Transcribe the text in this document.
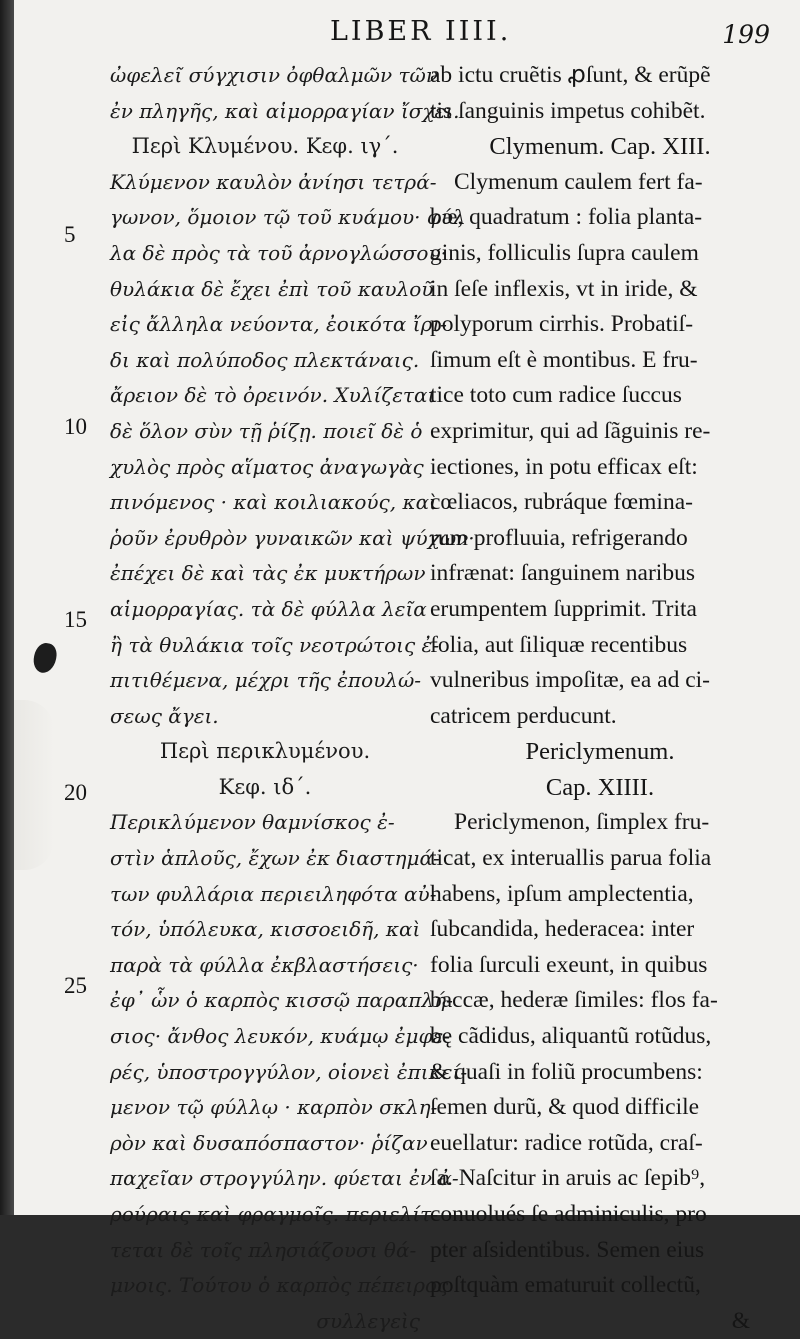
LIBER IIII.	199
5
10
15
20
25
ὠφελεῖ σύγχισιν ὀφθαλμῶν τῶν
ἐν πληγῆς, καὶ αἱμορραγίαν ἴσχει.
Περὶ Κλυμένου. Κεφ. ιγ΄.
Κλύμενον καυλὸν ἀνίησι τετρά-
γωνον, ὅμοιον τῷ τοῦ κυάμου· φύλ
λα δὲ πρὸς τὰ τοῦ ἀρνογλώσσου·
θυλάκια δὲ ἔχει ἐπὶ τοῦ καυλοῦ
εἰς ἄλληλα νεύοντα, ἐοικότα ἴρι-
δι καὶ πολύποδος πλεκτάναις.
ἄρειον δὲ τὸ ὀρεινόν. Χυλίζεται
δὲ ὅλον σὺν τῇ ῥίζῃ. ποιεῖ δὲ ὁ
χυλὸς πρὸς αἵματος ἀναγωγὰς
πινόμενος · καὶ κοιλιακούς, καὶ
ῥοῦν ἐρυθρὸν γυναικῶν καὶ ψύχων·
ἐπέχει δὲ καὶ τὰς ἐκ μυκτήρων
αἱμορραγίας. τὰ δὲ φύλλα λεῖα
ἢ τὰ θυλάκια τοῖς νεοτρώτοις ἐ-
πιτιθέμενα, μέχρι τῆς ἐπουλώ-
σεως ἄγει.
Περὶ περικλυμένου.
Κεφ. ιδ΄.
Περικλύμενον θαμνίσκος ἐ-
στὶν ἁπλοῦς, ἔχων ἐκ διαστημά-
των φυλλάρια περιειληφότα αὐ-
τόν, ὑπόλευκα, κισσοειδῆ, καὶ
παρὰ τὰ φύλλα ἐκβλαστήσεις·
ἐφ᾽ ὧν ὁ καρπὸς κισσῷ παραπλή-
σιος· ἄνθος λευκόν, κυάμῳ ἐμφε-
ρές, ὑποστρογγύλον, οἱονεὶ ἐπικεί-
μενον τῷ φύλλῳ · καρπὸν σκλη-
ρὸν καὶ δυσαπόσπαστον· ῥίζαν
παχεῖαν στρογγύλην. φύεται ἐν ἀ-
ρούραις καὶ φραγμοῖς. περιελίτ-
τεται δὲ τοῖς πλησιάζουσι θά-
μνοις. Τούτου ὁ καρπὸς πέπειρος
συλλεγεὶς
ab ictu cruẽtis ꝓſunt, & erũpẽ
tis ſanguinis impetus cohibẽt.
Clymenum. Cap. XIII.
Clymenum caulem fert fa-
bæ, quadratum : folia planta-
ginis, folliculis ſupra caulem
in ſeſe inflexis, vt in iride, &
polyporum cirrhis. Probatiſ-
ſimum eſt è montibus. E fru-
tice toto cum radice ſuccus
exprimitur, qui ad ſãguinis re-
iectiones, in potu efficax eſt:
cœliacos, rubráque fœmina-
rum profluuia, refrigerando
infrænat: ſanguinem naribus
erumpentem ſupprimit. Trita
folia, aut ſiliquæ recentibus
vulneribus impoſitæ, ea ad ci-
catricem perducunt.
Periclymenum.
Cap. XIIII.
Periclymenon, ſimplex fru-
ticat, ex interuallis parua folia
habens, ipſum amplectentia,
ſubcandida, hederacea: inter
folia ſurculi exeunt, in quibus
baccæ, hederæ ſimiles: flos fa-
bę cãdidus, aliquantũ rotũdus,
& quaſi in foliũ procumbens:
ſemen durũ, & quod difficile
euellatur: radice rotũda, craſ-
ſa. Naſcitur in aruis ac ſepib⁹,
conuolués ſe adminiculis, pro
pter aſsidentibus. Semen eius
poſtquàm ematuruit collectũ,
&
